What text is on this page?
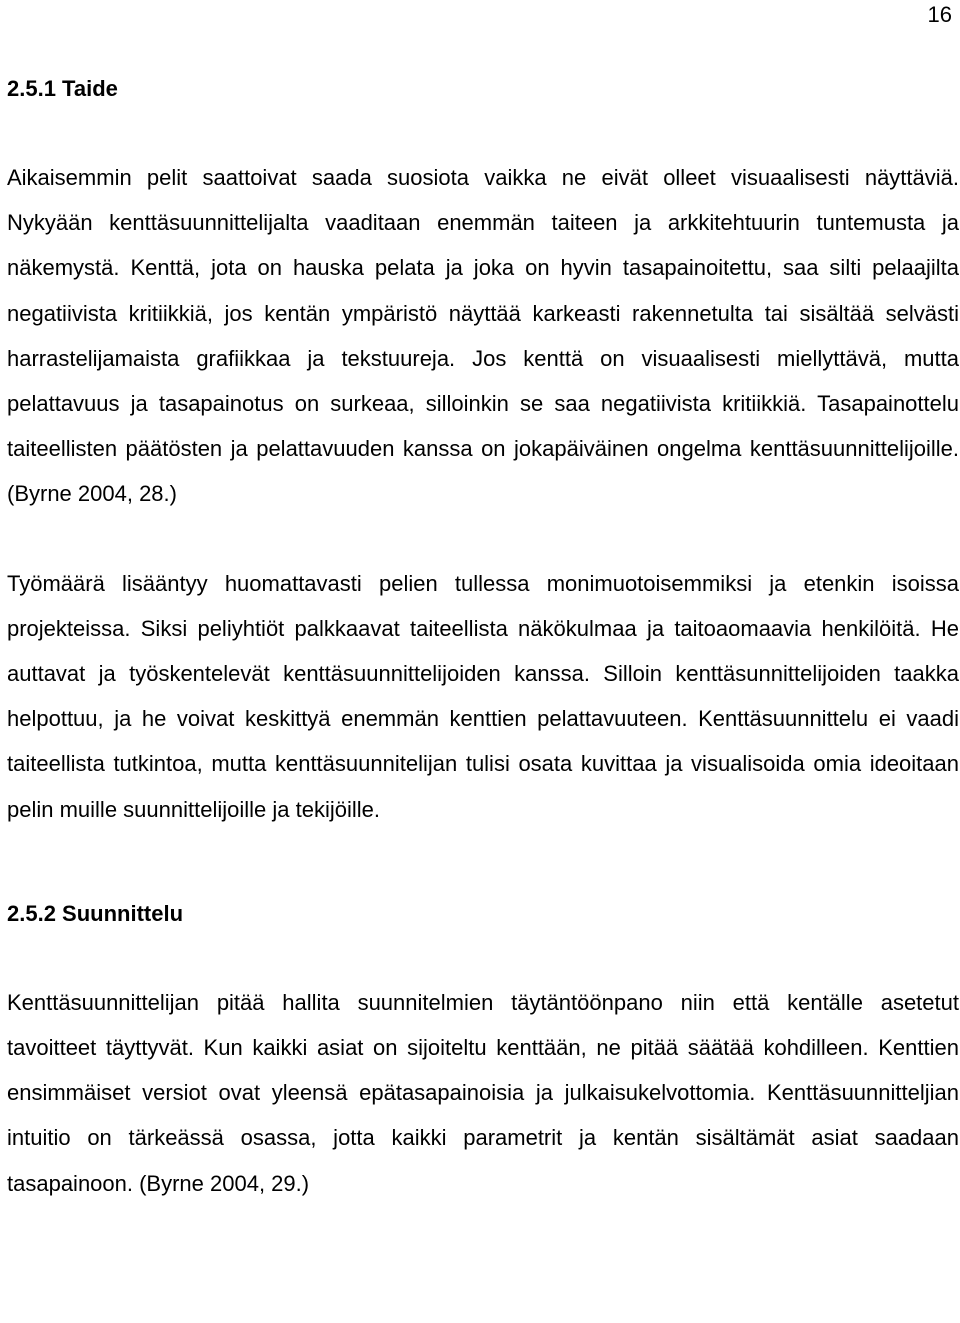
16
2.5.1 Taide

Aikaisemmin pelit saattoivat saada suosiota vaikka ne eivät olleet visuaalisesti näyttäviä. Nykyään kenttäsuunnittelijalta vaaditaan enemmän taiteen ja arkkitehtuurin tuntemusta ja näkemystä. Kenttä, jota on hauska pelata ja joka on hyvin tasapainoitettu, saa silti pelaajilta negatiivista kritiikkiä, jos kentän ympäristö näyttää karkeasti rakennetulta tai sisältää selvästi harrastelijamaista grafiikkaa ja tekstuureja. Jos kenttä on visuaalisesti miellyttävä, mutta pelattavuus ja tasapainotus on surkeaa, silloinkin se saa negatiivista kritiikkiä. Tasapainottelu taiteellisten päätösten ja pelattavuuden kanssa on jokapäiväinen ongelma kenttäsuunnittelijoille. (Byrne 2004, 28.)

Työmäärä lisääntyy huomattavasti pelien tullessa monimuotoisemmiksi ja etenkin isoissa projekteissa. Siksi peliyhtiöt palkkaavat taiteellista näkökulmaa ja taitoaomaavia henkilöitä. He auttavat ja työskentelevät kenttäsuunnittelijoiden kanssa. Silloin kenttäsunnittelijoiden taakka helpottuu, ja he voivat keskittyä enemmän kenttien pelattavuuteen. Kenttäsuunnittelu ei vaadi taiteellista tutkintoa, mutta kenttäsuunnitelijan tulisi osata kuvittaa ja visualisoida omia ideoitaan pelin muille suunnittelijoille ja tekijöille.

2.5.2 Suunnittelu

Kenttäsuunnittelijan pitää hallita suunnitelmien täytäntöönpano niin että kentälle asetetut tavoitteet täyttyvät. Kun kaikki asiat on sijoiteltu kenttään, ne pitää säätää kohdilleen. Kenttien ensimmäiset versiot ovat yleensä epätasapainoisia ja julkaisukelvottomia. Kenttäsuunnitteljian intuitio on tärkeässä osassa, jotta kaikki parametrit ja kentän sisältämät asiat saadaan tasapainoon. (Byrne 2004, 29.)
